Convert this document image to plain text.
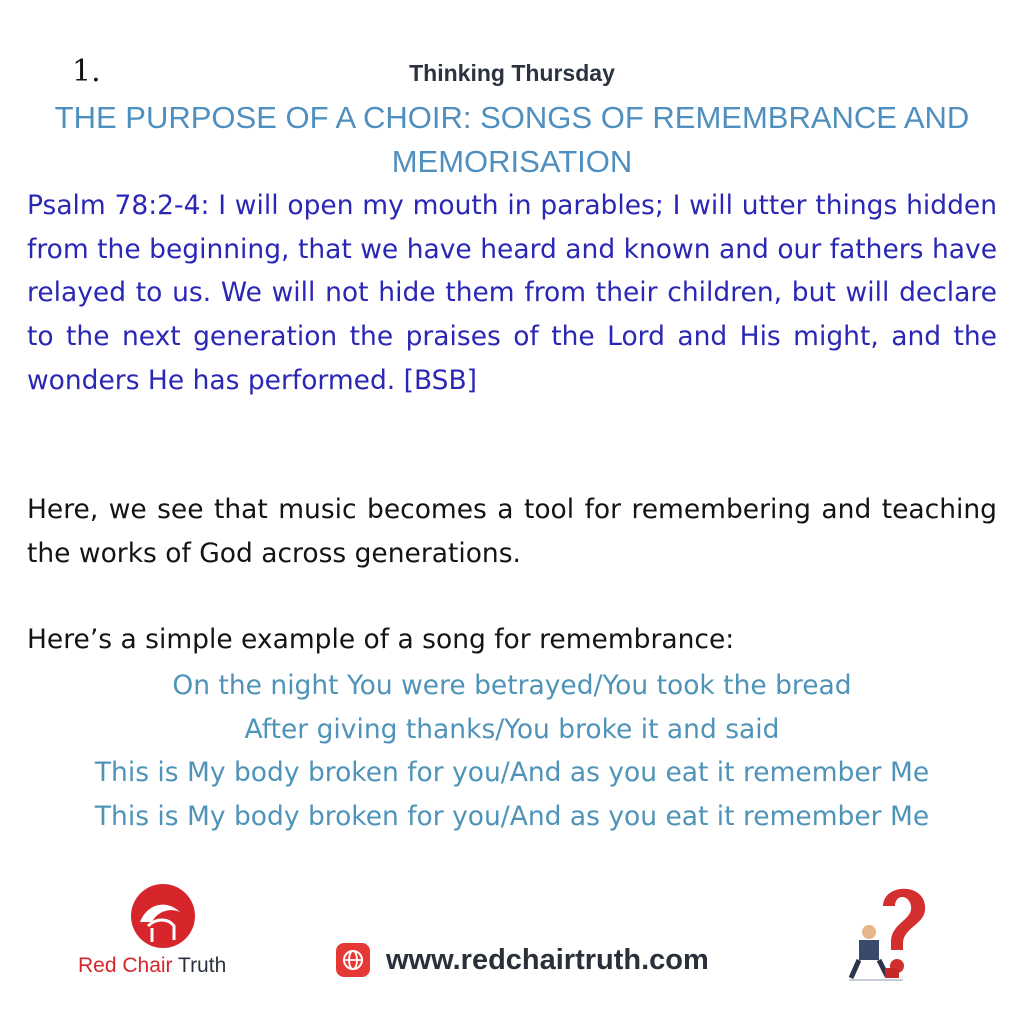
1.	Thinking Thursday
THE PURPOSE OF A CHOIR: SONGS OF REMEMBRANCE AND MEMORISATION
Psalm 78:2-4: I will open my mouth in parables; I will utter things hidden from the beginning, that we have heard and known and our fathers have relayed to us. We will not hide them from their children, but will declare to the next generation the praises of the Lord and His might, and the wonders He has performed. [BSB]
Here, we see that music becomes a tool for remembering and teaching the works of God across generations.
Here’s a simple example of a song for remembrance:
On the night You were betrayed/You took the bread
After giving thanks/You broke it and said
This is My body broken for you/And as you eat it remember Me
This is My body broken for you/And as you eat it remember Me
Red Chair Truth	www.redchairtruth.com
